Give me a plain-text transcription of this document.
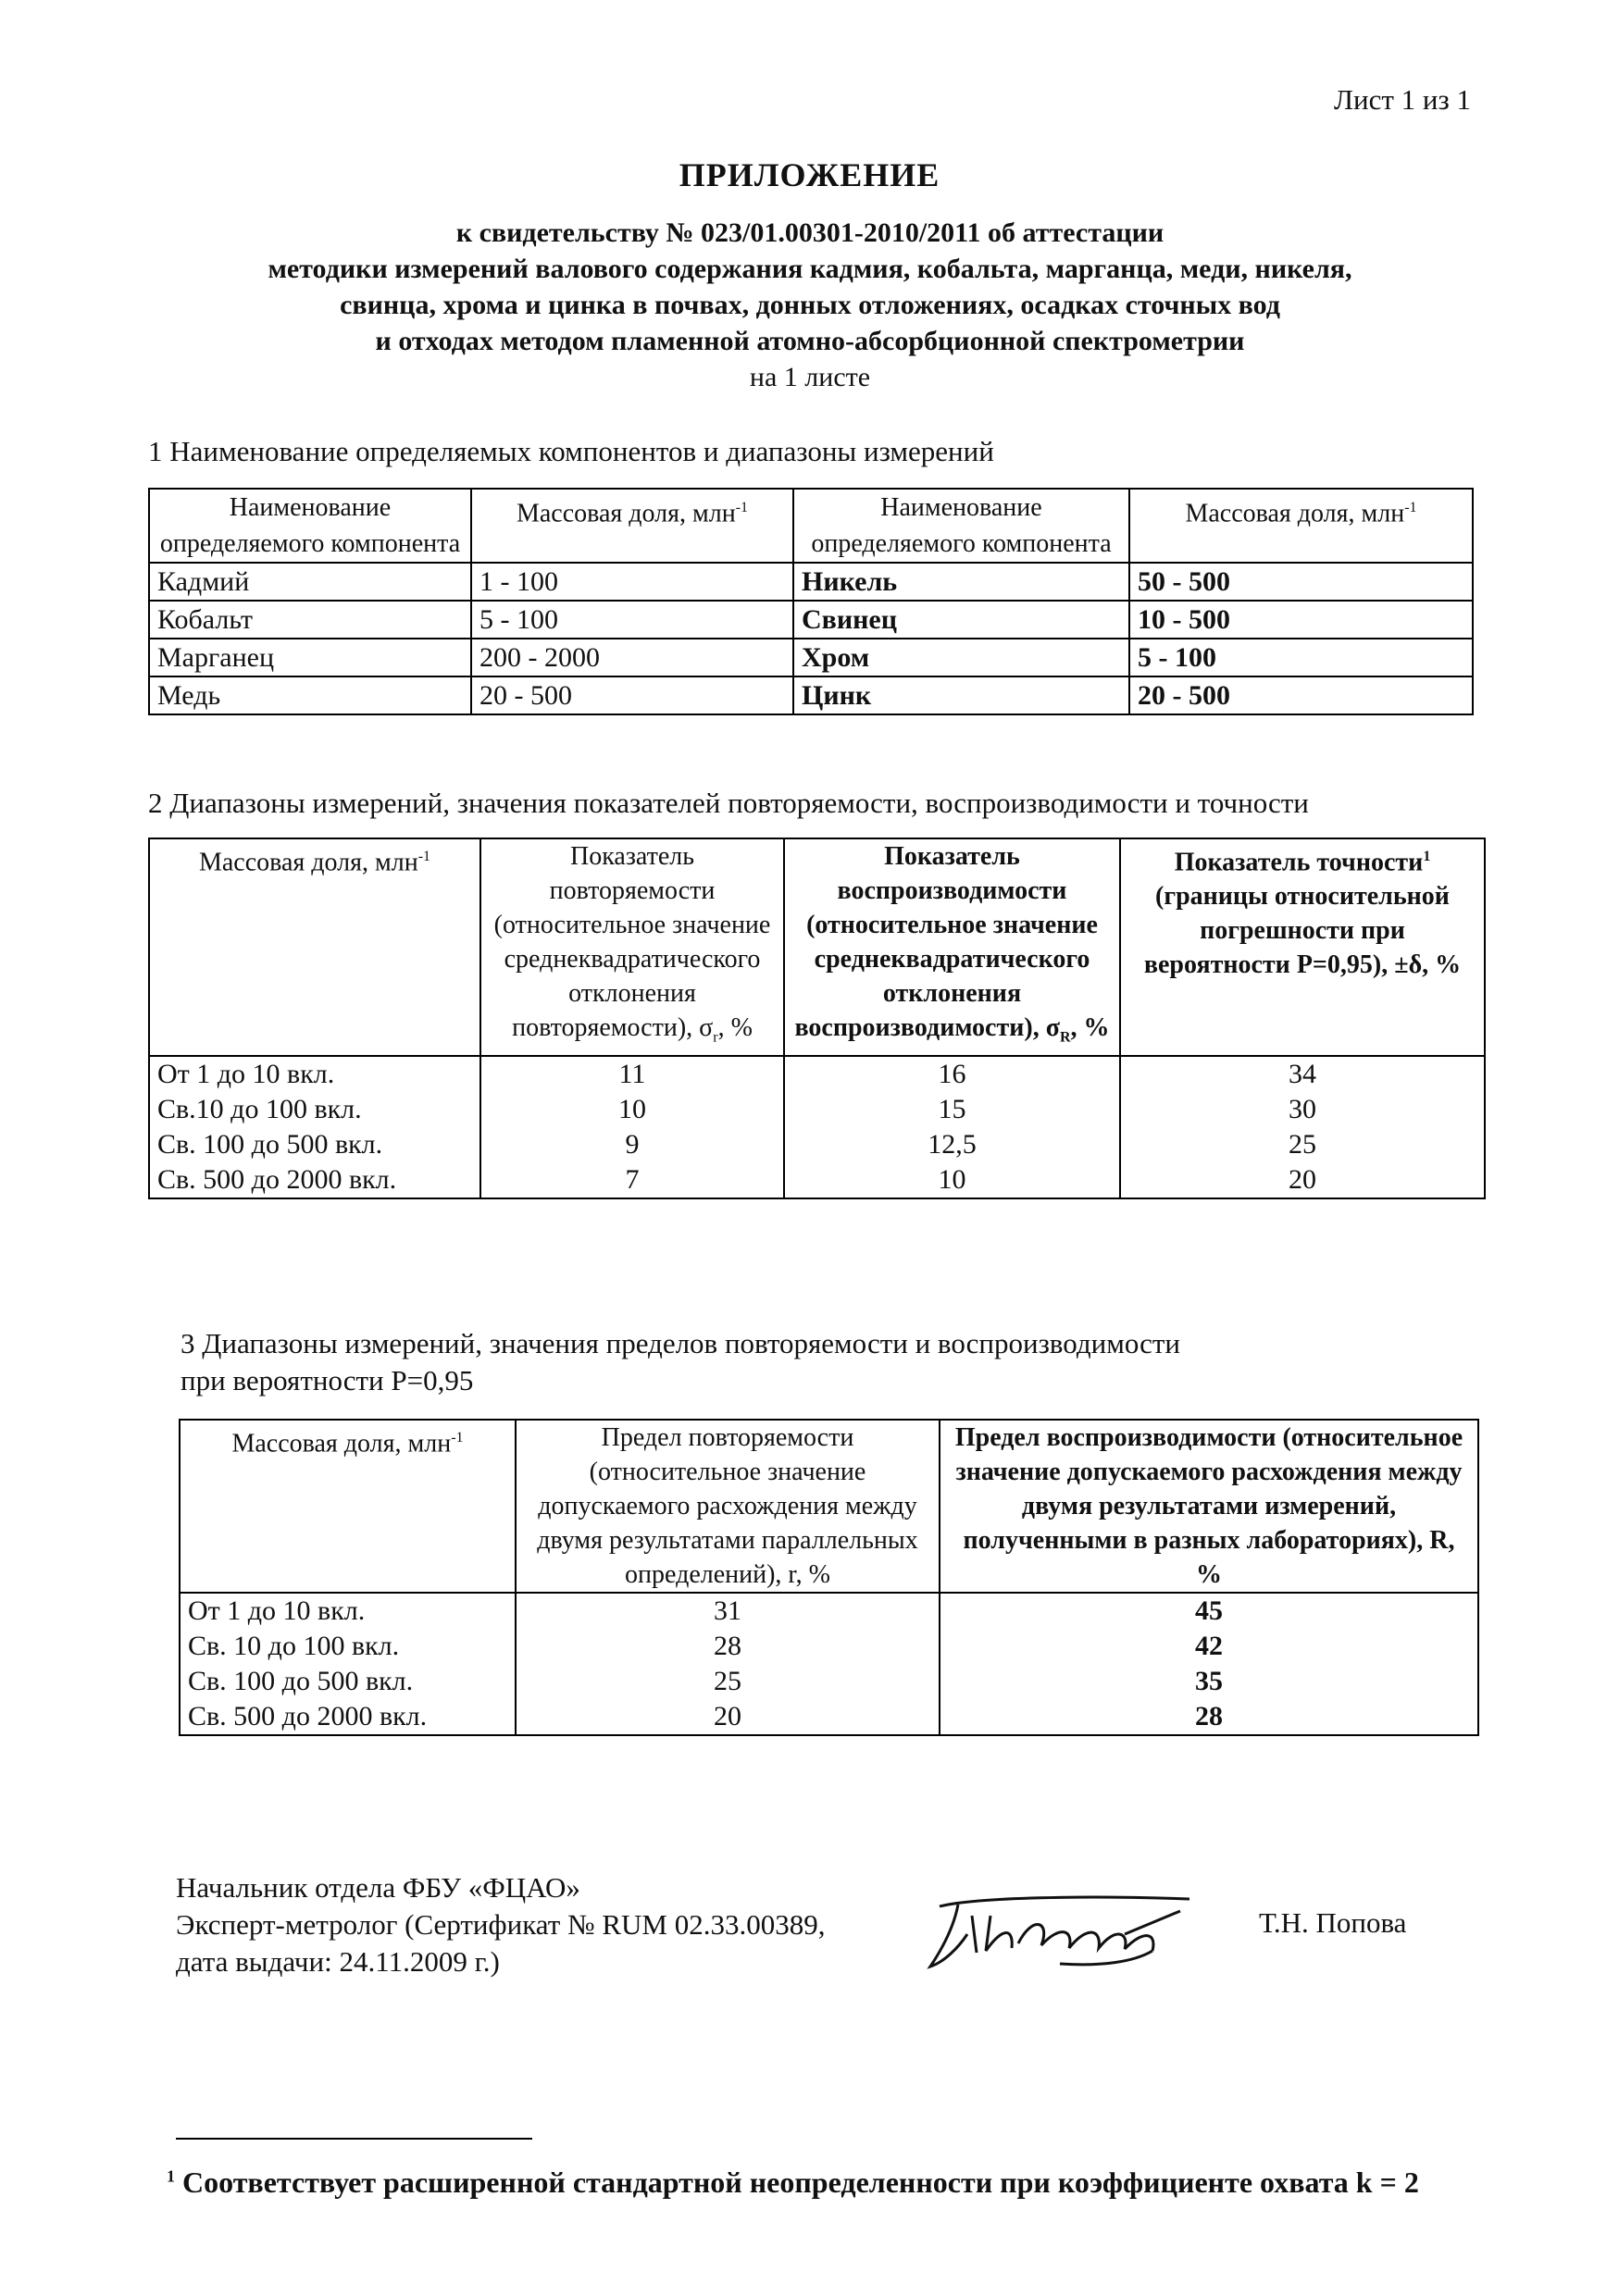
Лист 1 из 1
ПРИЛОЖЕНИЕ
к свидетельству № 023/01.00301-2010/2011 об аттестации
методики измерений валового содержания кадмия, кобальта, марганца, меди, никеля,
свинца, хрома и цинка в почвах, донных отложениях, осадках сточных вод
и отходах методом пламенной атомно-абсорбционной спектрометрии
на 1 листе
1 Наименование определяемых компонентов и диапазоны измерений
Наименование определяемого компонента	Массовая доля, млн$^{-1}$	Наименование определяемого компонента	Массовая доля, млн$^{-1}$
Кадмий	1 - 100	Никель	50 - 500
Кобальт	5 - 100	Свинец	10 - 500
Марганец	200 - 2000	Хром	5 - 100
Медь	20 - 500	Цинк	20 - 500
2 Диапазоны измерений, значения показателей повторяемости, воспроизводимости и точности
Массовая доля, млн$^{-1}$	Показатель повторяемости (относительное значение среднеквадратического отклонения повторяемости), $\sigma_r$, %	Показатель воспроизводимости (относительное значение среднеквадратического отклонения воспроизводимости), $\sigma_R$, %	Показатель точности$^1$ (границы относительной погрешности при вероятности Р=0,95), ±δ, %
От 1 до 10 вкл.	11	16	34
Св.10 до 100 вкл.	10	15	30
Св. 100 до 500 вкл.	9	12,5	25
Св. 500 до 2000 вкл.	7	10	20
3 Диапазоны измерений, значения пределов повторяемости и воспроизводимости
при вероятности Р=0,95
Массовая доля, млн$^{-1}$	Предел повторяемости (относительное значение допускаемого расхождения между двумя результатами параллельных определений), r, %	Предел воспроизводимости (относительное значение допускаемого расхождения между двумя результатами измерений, полученными в разных лабораториях), R, %
От 1 до 10 вкл.	31	45
Св. 10 до 100 вкл.	28	42
Св. 100 до 500 вкл.	25	35
Св. 500 до 2000 вкл.	20	28
Начальник отдела ФБУ «ФЦАО»
Эксперт-метролог (Сертификат № RUM 02.33.00389,
дата выдачи: 24.11.2009 г.)
Т.Н. Попова
$^1$ Соответствует расширенной стандартной неопределенности при коэффициенте охвата k = 2
